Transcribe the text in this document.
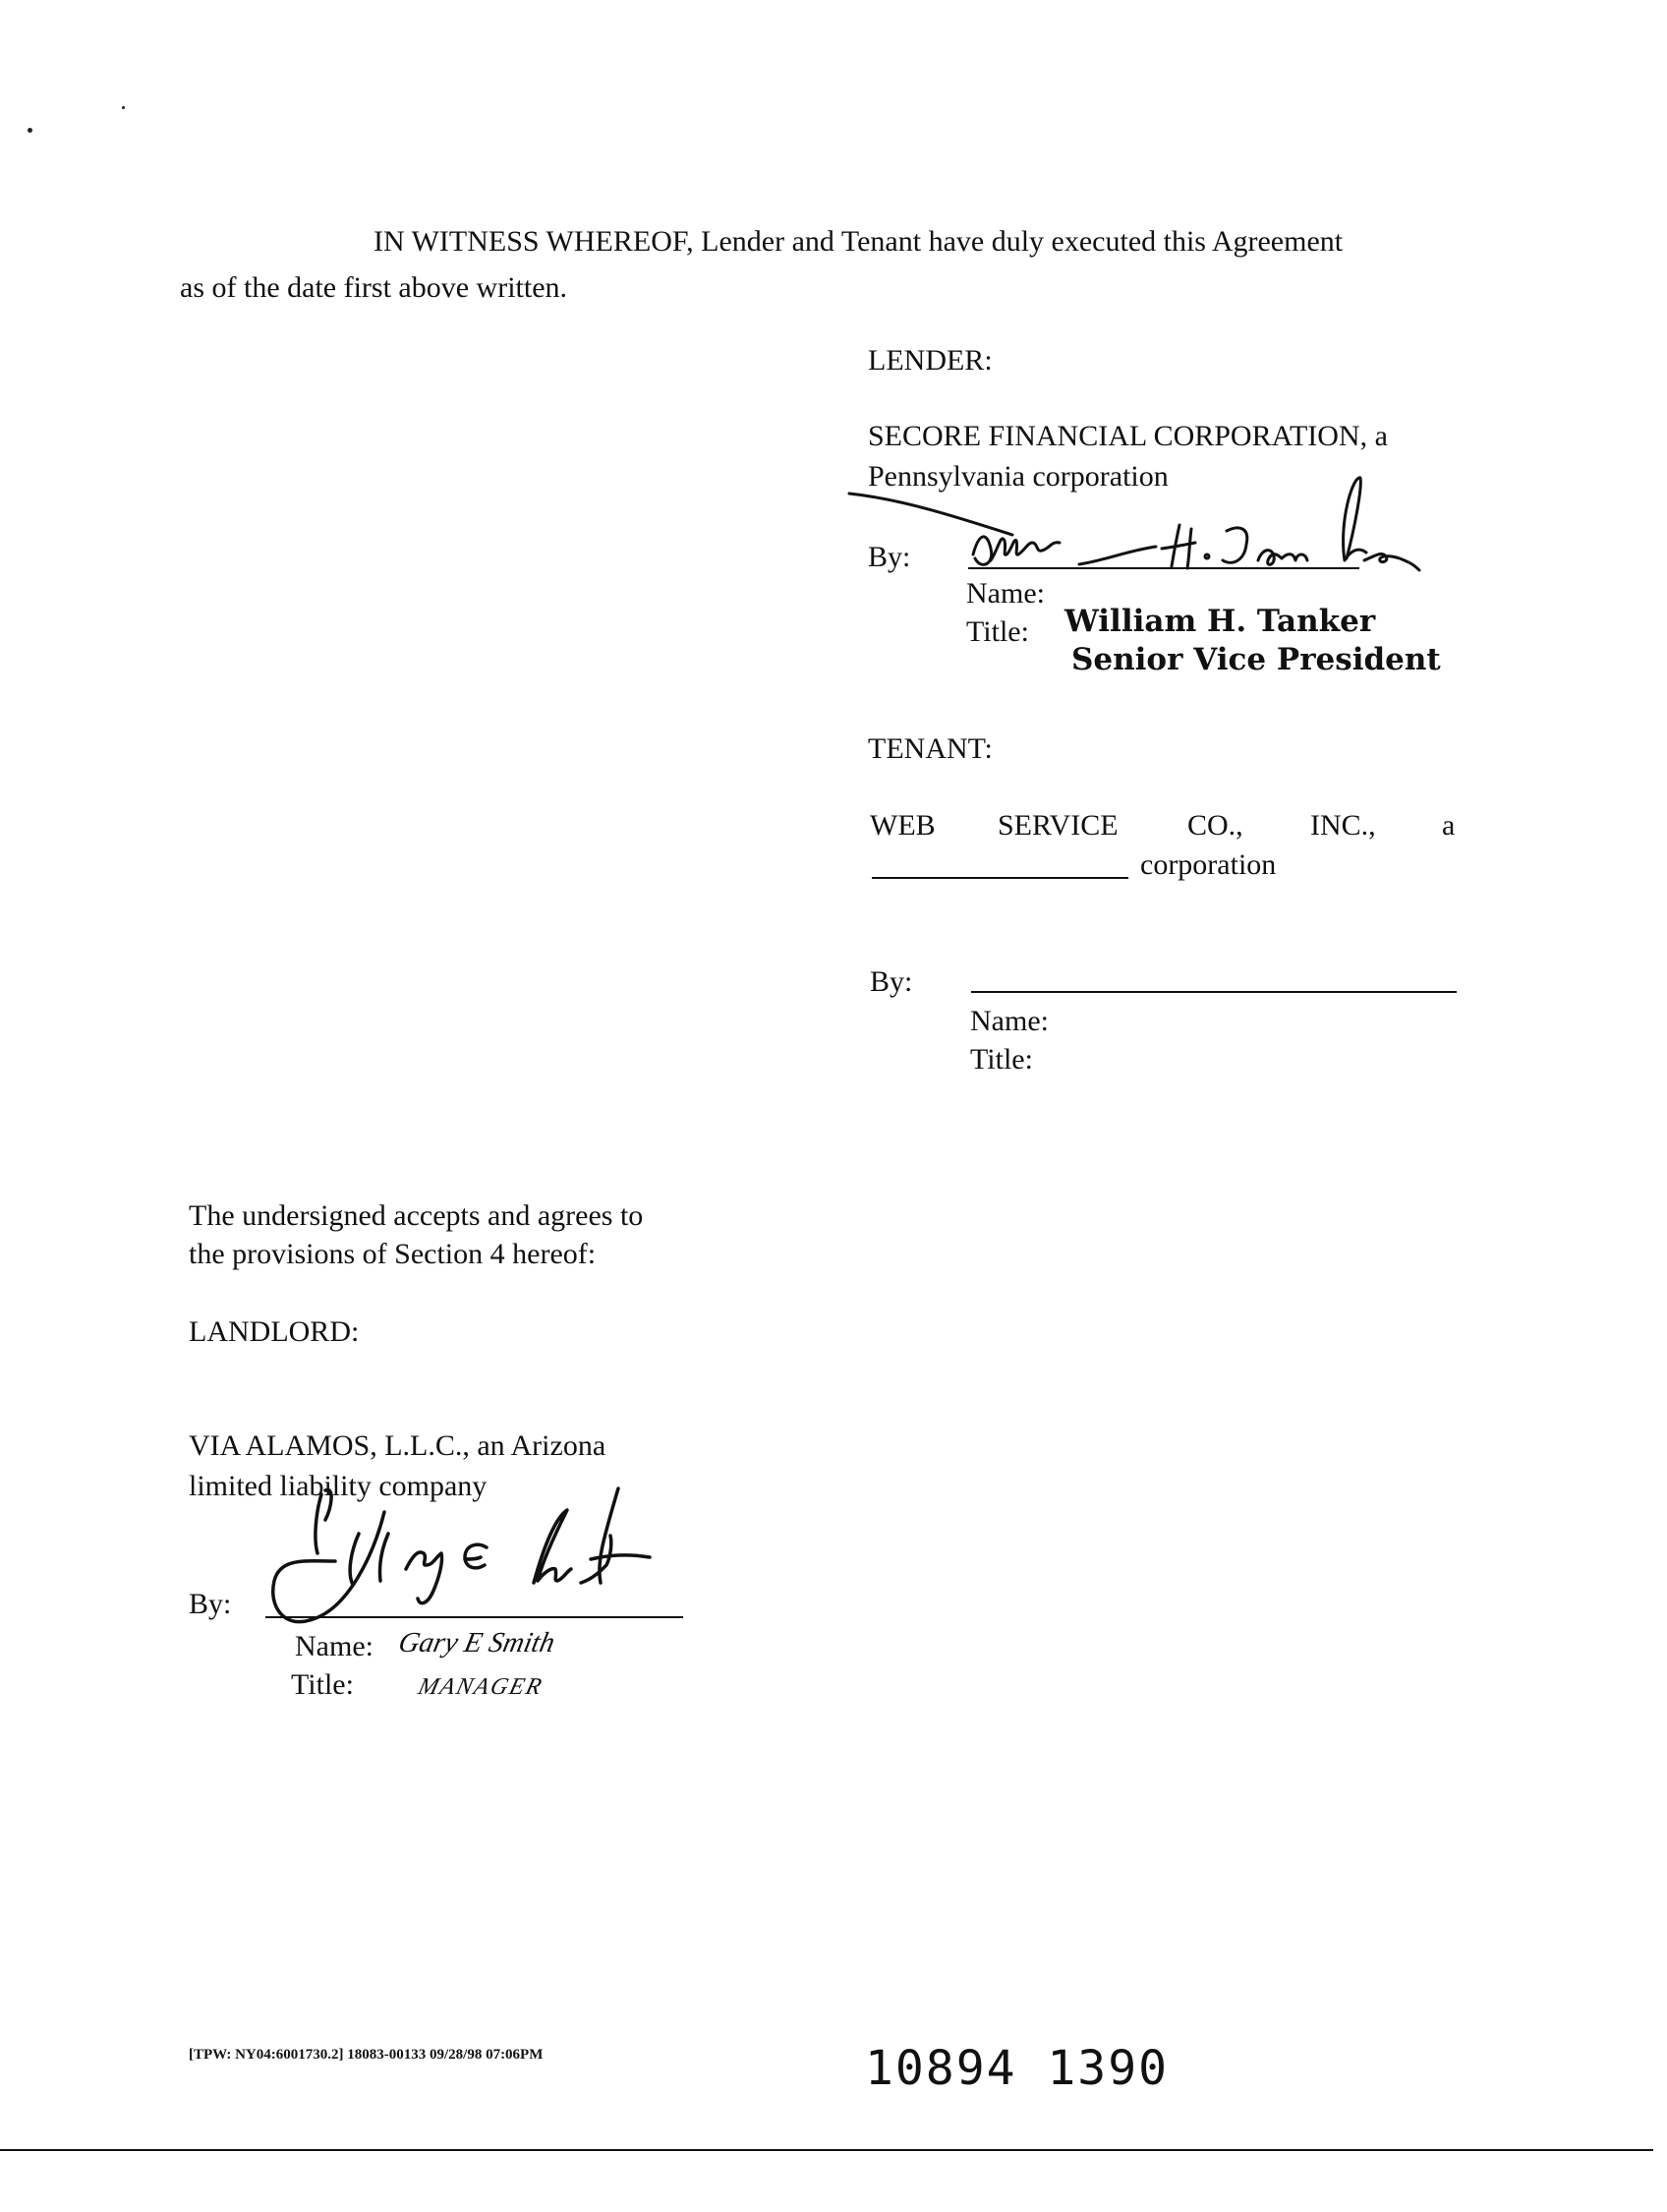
IN WITNESS WHEREOF, Lender and Tenant have duly executed this Agreement
as of the date first above written.
LENDER:
SECORE FINANCIAL CORPORATION, a
Pennsylvania corporation
By:
Name:
Title: William H. Tanker
Senior Vice President
TENANT:
WEB SERVICE CO., INC., a
corporation
By:
Name:
Title:
The undersigned accepts and agrees to
the provisions of Section 4 hereof:
LANDLORD:
VIA ALAMOS, L.L.C., an Arizona
limited liability company
By:
Name:
Title:
Gary E Smith
MANAGER
[TPW: NY04:6001730.2] 18083-00133 09/28/98 07:06PM	10894 1390
